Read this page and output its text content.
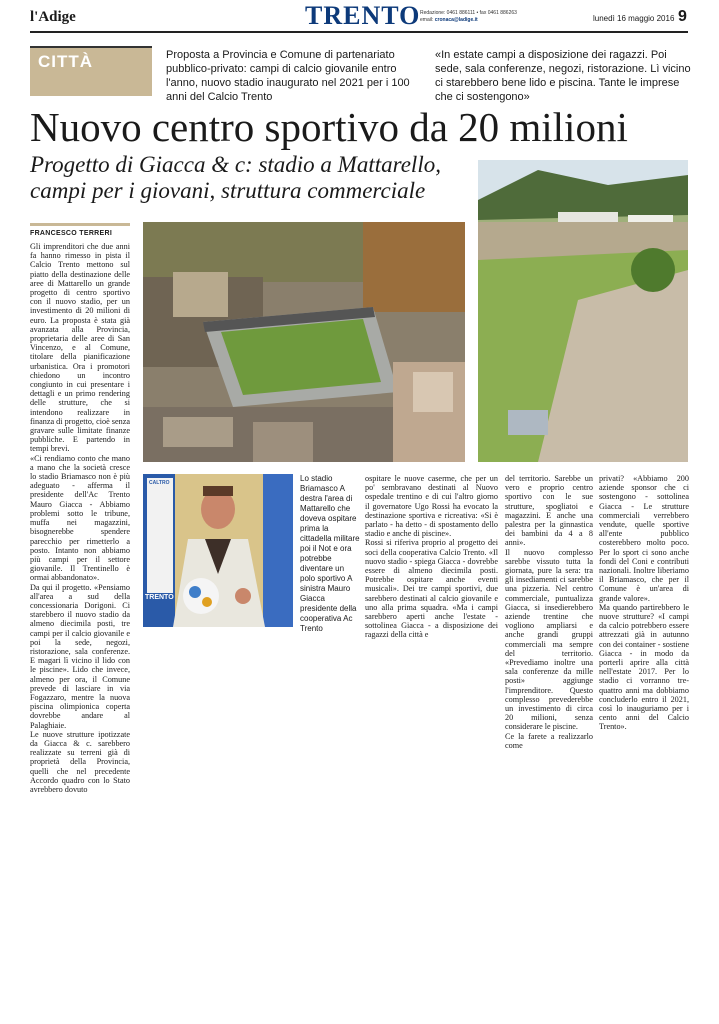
l'Adige	TRENTO Redazione: 0461 886111 • fax 0461 886263
email: cronaca@ladige.it	lunedì 16 maggio 2016 9
CITTÀ	Proposta a Provincia e Comune di partenariato pubblico-privato: campi di calcio giovanile entro l'anno, nuovo stadio inaugurato nel 2021 per i 100 anni del Calcio Trento
«In estate campi a disposizione dei ragazzi. Poi sede, sala conferenze, negozi, ristorazione. Lì vicino ci starebbero bene lido e piscina. Tante le imprese che ci sostengono»
Nuovo centro sportivo da 20 milioni
Progetto di Giacca & c: stadio a Mattarello, campi per i giovani, struttura commerciale
FRANCESCO TERRERI

Gli imprenditori che due anni fa hanno rimesso in pista il Calcio Trento mettono sul piatto della destinazione delle aree di Mattarello un grande progetto di centro sportivo con il nuovo stadio, per un investimento di 20 milioni di euro. La proposta è stata già avanzata alla Provincia, proprietaria delle aree di San Vincenzo, e al Comune, titolare della pianificazione urbanistica. Ora i promotori chiedono un incontro congiunto in cui presentare i dettagli e un primo rendering delle strutture, che si intendono realizzare in finanza di progetto, cioè senza gravare sulle limitate finanze pubbliche. E partendo in tempi brevi.

«Ci rendiamo conto che mano a mano che la società cresce lo stadio Briamasco non è più adeguato - afferma il presidente dell'Ac Trento Mauro Giacca - Abbiamo problemi sotto le tribune, muffa nei magazzini, bisognerebbe spendere parecchio per rimetterlo a posto. Intanto non abbiamo più campi per il settore giovanile. Il Trentinello è ormai abbandonato».

Da qui il progetto. «Pensiamo all'area a sud della concessionaria Dorigoni. Ci starebbero il nuovo stadio da almeno diecimila posti, tre campi per il calcio giovanile e poi la sede, negozi, ristorazione, sala conferenze. E magari lì vicino il lido con le piscine». Lido che invece, almeno per ora, il Comune prevede di lasciare in via Fogazzaro, mentre la nuova piscina olimpionica coperta dovrebbe andare al Palaghiaie.

Le nuove strutture ipotizzate da Giacca & c. sarebbero realizzate su terreni già di proprietà della Provincia, quelli che nel precedente Accordo quadro con lo Stato avrebbero dovuto

CALTRO
TRENTO
Lo stadio Briamasco A destra l'area di Mattarello che doveva ospitare prima la cittadella militare poi il Not e ora potrebbe diventare un polo sportivo A sinistra Mauro Giacca presidente della cooperativa Ac Trento

ospitare le nuove caserme, che per un po' sembravano destinati al Nuovo ospedale trentino e di cui l'altro giorno il governatore Ugo Rossi ha evocato la destinazione sportiva e ricreativa: «Si è parlato - ha detto - di spostamento dello stadio e anche di piscine».

Rossi si riferiva proprio al progetto dei soci della cooperativa Calcio Trento. «Il nuovo stadio - spiega Giacca - dovrebbe essere di almeno diecimila posti. Potrebbe ospitare anche eventi musicali». Dei tre campi sportivi, due sarebbero destinati al calcio giovanile e uno alla prima squadra. «Ma i campi sarebbero aperti anche l'estate - sottolinea Giacca - a disposizione dei ragazzi della città e

del territorio. Sarebbe un vero e proprio centro sportivo con le sue strutture, spogliatoi e magazzini. E anche una palestra per la ginnastica dei bambini da 4 a 8 anni».

Il nuovo complesso sarebbe vissuto tutta la giornata, pure la sera: tra gli insediamenti ci sarebbe una pizzeria. Nel centro commerciale, puntualizza Giacca, si insedierebbero aziende trentine che vogliono ampliarsi e anche grandi gruppi commerciali ma sempre del territorio. «Prevediamo inoltre una sala conferenze da mille posti» aggiunge l'imprenditore. Questo complesso prevederebbe un investimento di circa 20 milioni, senza considerare le piscine.

Ce la farete a realizzarlo come

privati? «Abbiamo 200 aziende sponsor che ci sostengono - sottolinea Giacca - Le strutture commerciali verrebbero vendute, quelle sportive all'ente pubblico costerebbero molto poco. Per lo sport ci sono anche fondi del Coni e contributi nazionali. Inoltre liberiamo il Briamasco, che per il Comune è un'area di grande valore».

Ma quando partirebbero le nuove strutture? «I campi da calcio potrebbero essere attrezzati già in autunno con dei container - sostiene Giacca - in modo da porterli aprire alla città nell'estate 2017. Per lo stadio ci vorranno tre-quattro anni ma dobbiamo concluderlo entro il 2021, così lo inauguriamo per i cento anni del Calcio Trento».
